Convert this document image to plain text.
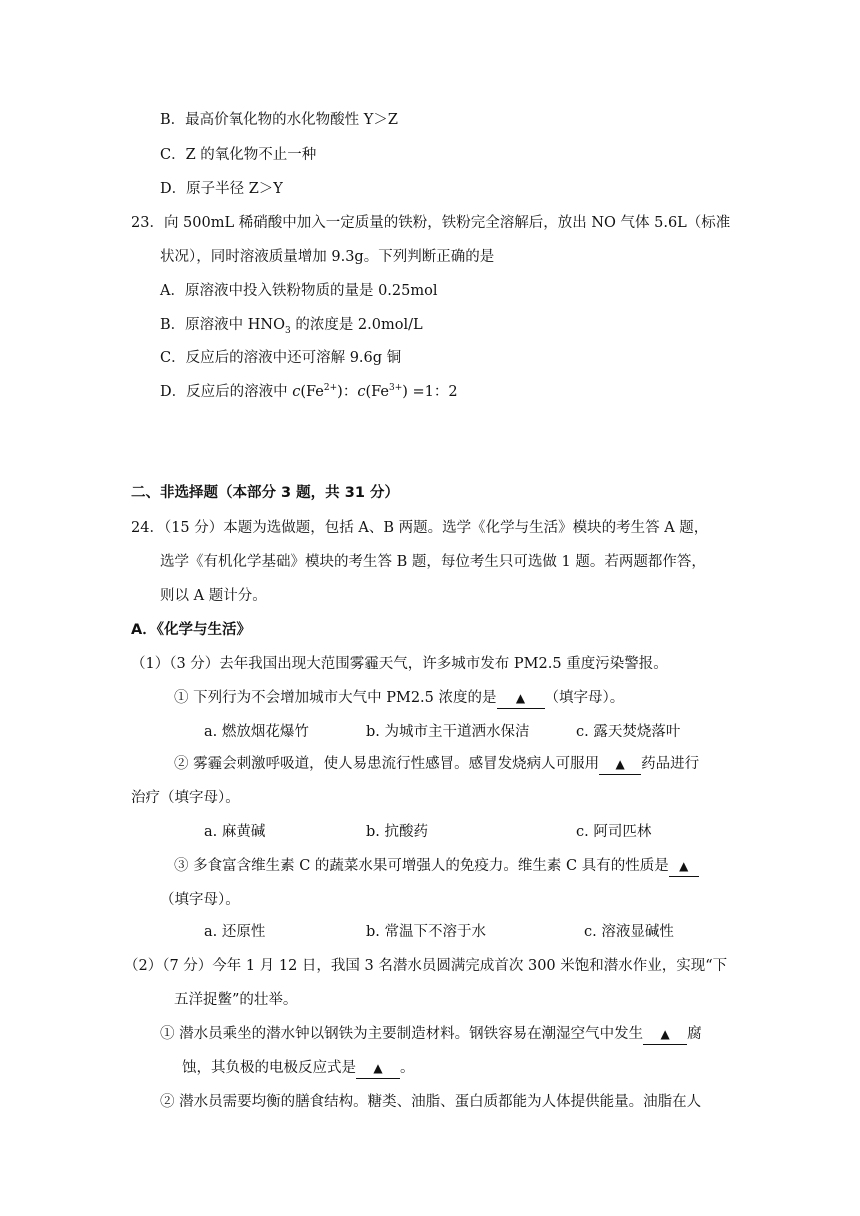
B．最高价氧化物的水化物酸性 Y＞Z
C．Z 的氧化物不止一种
D．原子半径 Z＞Y
23．向 500mL 稀硝酸中加入一定质量的铁粉，铁粉完全溶解后，放出 NO 气体 5.6L（标准
状况），同时溶液质量增加 9.3g。下列判断正确的是
A．原溶液中投入铁粉物质的量是 0.25mol
B．原溶液中 $HNO_3$ 的浓度是 2.0mol/L
C．反应后的溶液中还可溶解 9.6g 铜
D．反应后的溶液中 $c(Fe^{2+})$：$c(Fe^{3+}) =1$：2
二、非选择题（本部分 3 题，共 31 分）
24．（15 分）本题为选做题，包括 A、B 两题。选学《化学与生活》模块的考生答 A 题，
选学《有机化学基础》模块的考生答 B 题，每位考生只可选做 1 题。若两题都作答，
则以 A 题计分。
A．《化学与生活》
（1）（3 分）去年我国出现大范围雾霾天气，许多城市发布 PM2.5 重度污染警报。
① 下列行为不会增加城市大气中 PM2.5 浓度的是 ▲ （填字母）。
a. 燃放烟花爆竹	b. 为城市主干道洒水保洁	c. 露天焚烧落叶
② 雾霾会刺激呼吸道，使人易患流行性感冒。感冒发烧病人可服用 ▲ 药品进行
治疗（填字母）。
a. 麻黄碱	b. 抗酸药	c. 阿司匹林
③ 多食富含维生素 C 的蔬菜水果可增强人的免疫力。维生素 C 具有的性质是 ▲
（填字母）。
a. 还原性	b. 常温下不溶于水	c. 溶液显碱性
（2）（7 分）今年 1 月 12 日，我国 3 名潜水员圆满完成首次 300 米饱和潜水作业，实现“下
五洋捉鳖”的壮举。
① 潜水员乘坐的潜水钟以钢铁为主要制造材料。钢铁容易在潮湿空气中发生 ▲ 腐
蚀，其负极的电极反应式是 ▲ 。
② 潜水员需要均衡的膳食结构。糖类、油脂、蛋白质都能为人体提供能量。油脂在人
